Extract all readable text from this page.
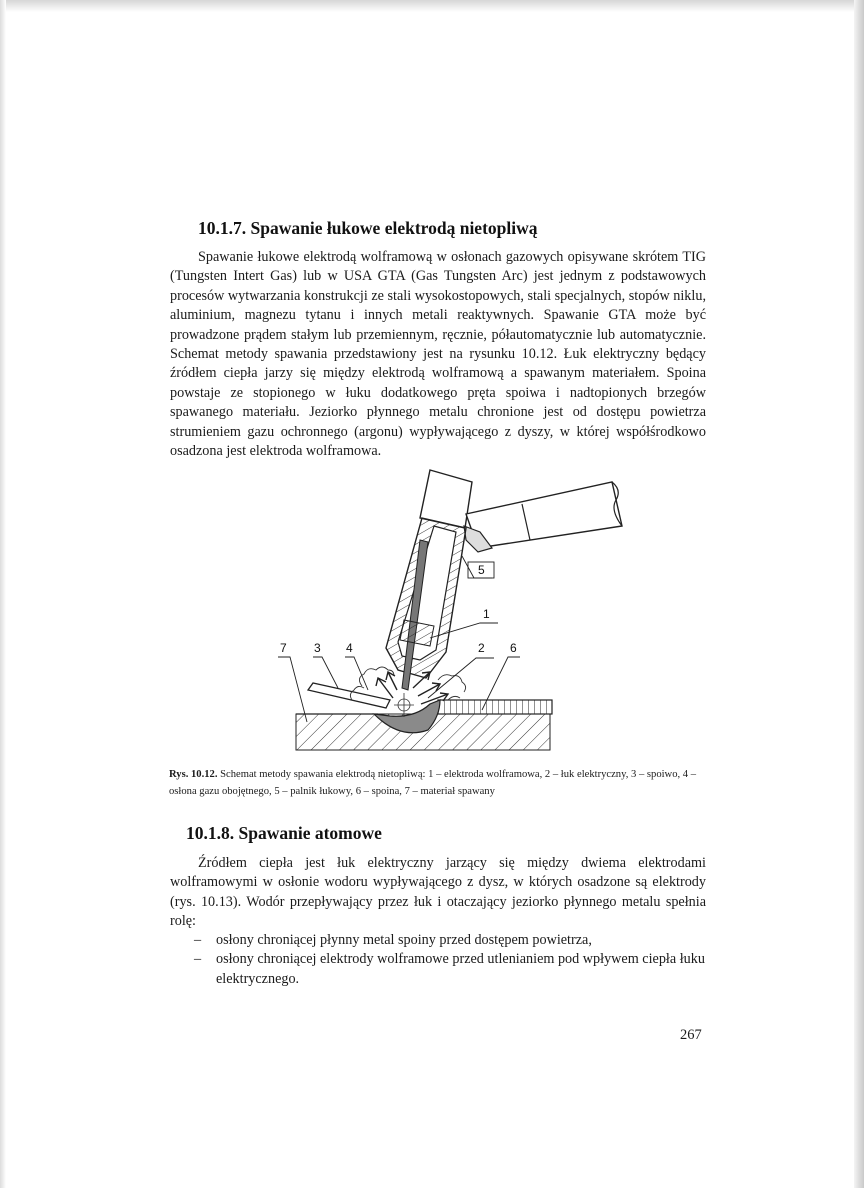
10.1.7. Spawanie łukowe elektrodą nietopliwą

Spawanie łukowe elektrodą wolframową w osłonach gazowych opisywane skrótem TIG (Tungsten Intert Gas) lub w USA GTA (Gas Tungsten Arc) jest jednym z podstawowych procesów wytwarzania konstrukcji ze stali wysokostopowych, stali specjalnych, stopów niklu, aluminium, magnezu tytanu i innych metali reaktywnych. Spawanie GTA może być prowadzone prądem stałym lub przemiennym, ręcznie, półautomatycznie lub automatycznie. Schemat metody spawania przedstawiony jest na rysunku 10.12. Łuk elektryczny będący źródłem ciepła jarzy się między elektrodą wolframową a spawanym materiałem. Spoina powstaje ze stopionego w łuku dodatkowego pręta spoiwa i nadtopionych brzegów spawanego materiału. Jeziorko płynnego metalu chronione jest od dostępu powietrza strumieniem gazu ochronnego (argonu) wypływającego z dyszy, w której współśrodkowo osadzona jest elektroda wolframowa.

7 3 4
5
1
2 6

Rys. 10.12. Schemat metody spawania elektrodą nietopliwą: 1 – elektroda wolframowa, 2 – łuk elektryczny, 3 – spoiwo, 4 – osłona gazu obojętnego, 5 – palnik łukowy, 6 – spoina, 7 – materiał spawany

10.1.8. Spawanie atomowe

Źródłem ciepła jest łuk elektryczny jarzący się między dwiema elektrodami wolframowymi w osłonie wodoru wypływającego z dysz, w których osadzone są elektrody (rys. 10.13). Wodór przepływający przez łuk i otaczający jeziorko płynnego metalu spełnia rolę:

– osłony chroniącej płynny metal spoiny przed dostępem powietrza,
– osłony chroniącej elektrody wolframowe przed utlenianiem pod wpływem ciepła łuku elektrycznego.
267
